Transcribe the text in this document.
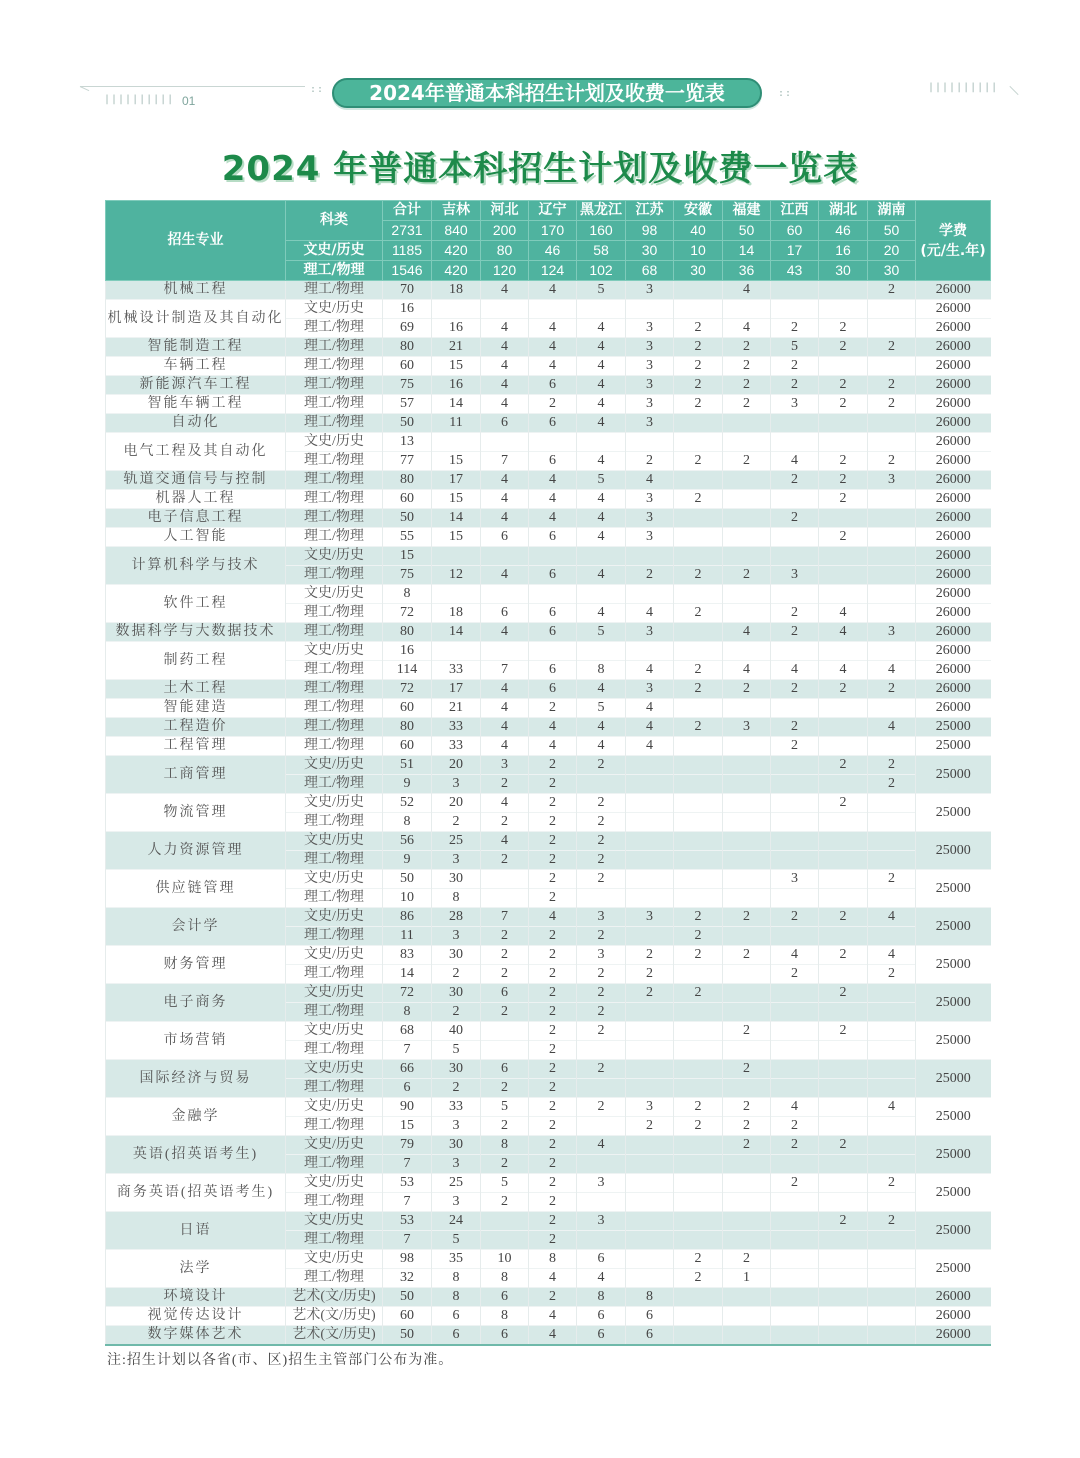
|||||||||| 01
::	2024年普通本科招生计划及收费一览表	::
||||||||||
2024 年普通本科招生计划及收费一览表
招生专业	科类	合计	吉林	河北	辽宁	黑龙江	江苏	安徽	福建	江西	湖北	湖南	学费
(元/生.年)

		2731	840	200	170	160	98	40	50	60	46	50	
	文史/历史	1185	420	80	46	58	30	10	14	17	16	20	
	理工/物理	1546	420	120	124	102	68	30	36	43	30	30	
机械工程	理工/物理	70	18	4	4	5	3		4			2	26000
机械设计制造及其自动化	文史/历史	16											26000
	理工/物理	69	16	4	4	4	3	2	4	2	2		26000
智能制造工程	理工/物理	80	21	4	4	4	3	2	2	5	2	2	26000
车辆工程	理工/物理	60	15	4	4	4	3	2	2	2			26000
新能源汽车工程	理工/物理	75	16	4	6	4	3	2	2	2	2	2	26000
智能车辆工程	理工/物理	57	14	4	2	4	3	2	2	3	2	2	26000
自动化	理工/物理	50	11	6	6	4	3						26000
电气工程及其自动化	文史/历史	13											26000
	理工/物理	77	15	7	6	4	2	2	2	4	2	2	26000
轨道交通信号与控制	理工/物理	80	17	4	4	5	4			2	2	3	26000
机器人工程	理工/物理	60	15	4	4	4	3	2			2		26000
电子信息工程	理工/物理	50	14	4	4	4	3			2			26000
人工智能	理工/物理	55	15	6	6	4	3				2		26000
计算机科学与技术	文史/历史	15											26000
	理工/物理	75	12	4	6	4	2	2	2	3			26000
软件工程	文史/历史	8											26000
	理工/物理	72	18	6	6	4	4	2		2	4		26000
数据科学与大数据技术	理工/物理	80	14	4	6	5	3		4	2	4	3	26000
制药工程	文史/历史	16											26000
	理工/物理	114	33	7	6	8	4	2	4	4	4	4	26000
土木工程	理工/物理	72	17	4	6	4	3	2	2	2	2	2	26000
智能建造	理工/物理	60	21	4	2	5	4						26000
工程造价	理工/物理	80	33	4	4	4	4	2	3	2		4	25000
工程管理	理工/物理	60	33	4	4	4	4			2			25000
工商管理	文史/历史	51	20	3	2	2					2	2	25000
	理工/物理	9	3	2	2							2	
物流管理	文史/历史	52	20	4	2	2					2		25000
	理工/物理	8	2	2	2	2							
人力资源管理	文史/历史	56	25	4	2	2							25000
	理工/物理	9	3	2	2	2							
供应链管理	文史/历史	50	30		2	2				3		2	25000
	理工/物理	10	8		2								
会计学	文史/历史	86	28	7	4	3	3	2	2	2	2	4	25000
	理工/物理	11	3	2	2	2		2					
财务管理	文史/历史	83	30	2	2	3	2	2	2	4	2	4	25000
	理工/物理	14	2	2	2	2	2			2		2	
电子商务	文史/历史	72	30	6	2	2	2	2			2		25000
	理工/物理	8	2	2	2	2							
市场营销	文史/历史	68	40		2	2			2		2		25000
	理工/物理	7	5		2								
国际经济与贸易	文史/历史	66	30	6	2	2			2				25000
	理工/物理	6	2	2	2								
金融学	文史/历史	90	33	5	2	2	3	2	2	4		4	25000
	理工/物理	15	3	2	2		2	2	2	2			
英语(招英语考生)	文史/历史	79	30	8	2	4			2	2	2		25000
	理工/物理	7	3	2	2								
商务英语(招英语考生)	文史/历史	53	25	5	2	3				2		2	25000
	理工/物理	7	3	2	2								
日语	文史/历史	53	24		2	3					2	2	25000
	理工/物理	7	5		2								
法学	文史/历史	98	35	10	8	6		2	2				25000
	理工/物理	32	8	8	4	4		2	1				
环境设计	艺术(文/历史)	50	8	6	2	8	8						26000
视觉传达设计	艺术(文/历史)	60	6	8	4	6	6						26000
数字媒体艺术	艺术(文/历史)	50	6	6	4	6	6						26000
注:招生计划以各省(市、区)招生主管部门公布为准。
